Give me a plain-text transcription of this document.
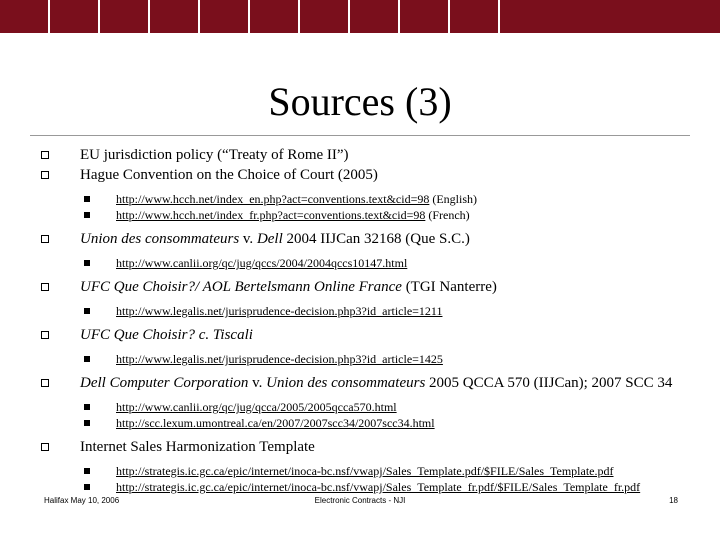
Sources (3)
EU jurisdiction policy (“Treaty of Rome II”)
Hague Convention on the Choice of Court (2005)
http://www.hcch.net/index_en.php?act=conventions.text&cid=98 (English)
http://www.hcch.net/index_fr.php?act=conventions.text&cid=98 (French)
Union des consommateurs v. Dell 2004 IIJCan 32168 (Que S.C.)
http://www.canlii.org/qc/jug/qccs/2004/2004qccs10147.html
UFC Que Choisir?/ AOL Bertelsmann Online France (TGI Nanterre)
http://www.legalis.net/jurisprudence-decision.php3?id_article=1211
UFC Que Choisir? c. Tiscali
http://www.legalis.net/jurisprudence-decision.php3?id_article=1425
Dell Computer Corporation v. Union des consommateurs 2005 QCCA 570 (IIJCan); 2007 SCC 34
http://www.canlii.org/qc/jug/qcca/2005/2005qcca570.html
http://scc.lexum.umontreal.ca/en/2007/2007scc34/2007scc34.html
Internet Sales Harmonization Template
http://strategis.ic.gc.ca/epic/internet/inoca-bc.nsf/vwapj/Sales_Template.pdf/$FILE/Sales_Template.pdf
http://strategis.ic.gc.ca/epic/internet/inoca-bc.nsf/vwapj/Sales_Template_fr.pdf/$FILE/Sales_Template_fr.pdf
Halifax May 10, 2006	Electronic Contracts - NJI	18
